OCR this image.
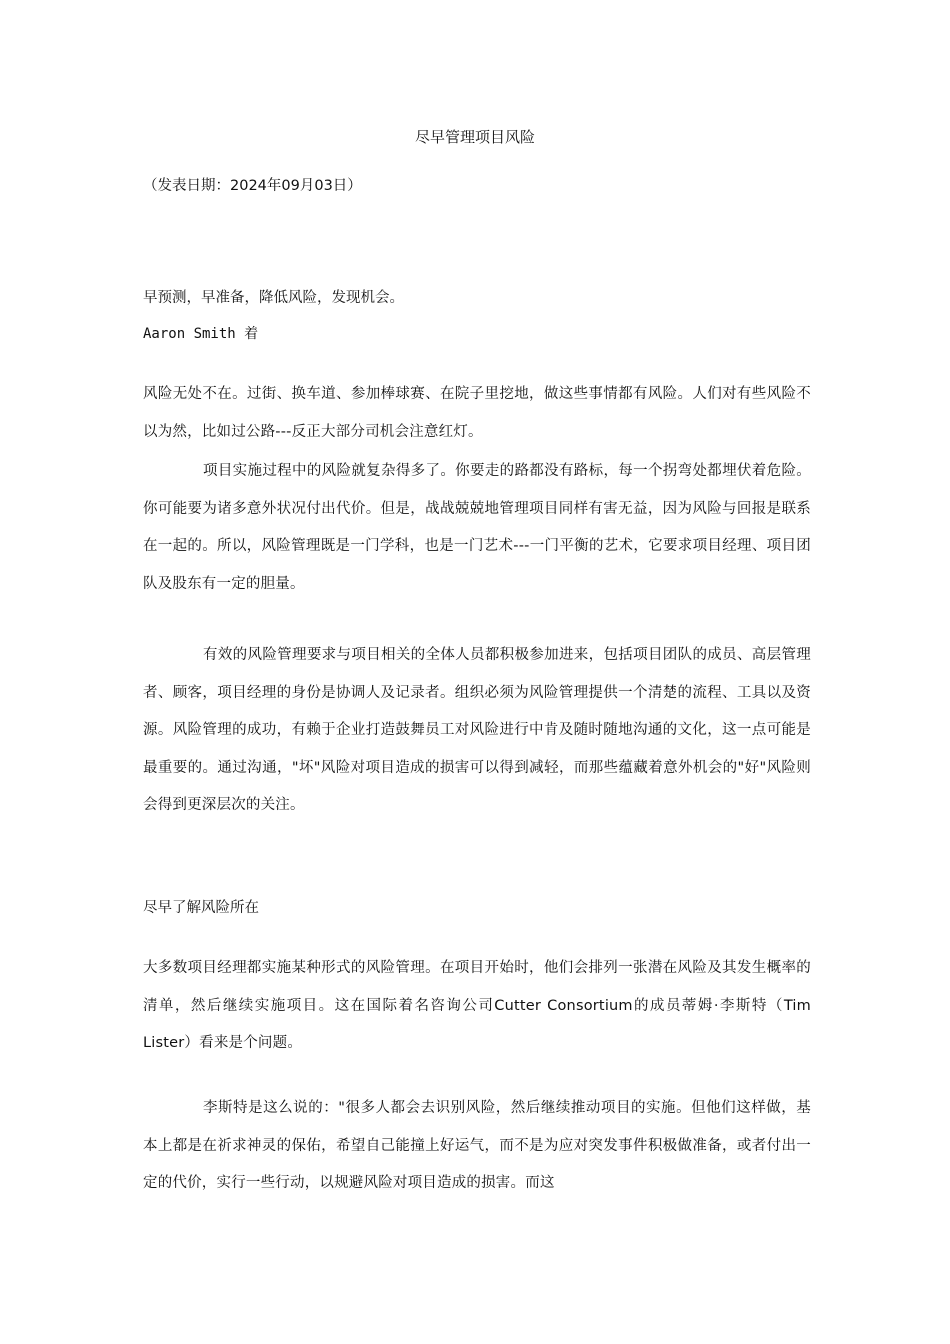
尽早管理项目风险

（发表日期：2024年09月03日）

早预测，早准备，降低风险，发现机会。

Aaron Smith 着

风险无处不在。过街、换车道、参加棒球赛、在院子里挖地，做这些事情都有风险。人们对有些风险不以为然，比如过公路---反正大部分司机会注意红灯。

项目实施过程中的风险就复杂得多了。你要走的路都没有路标，每一个拐弯处都埋伏着危险。你可能要为诸多意外状况付出代价。但是，战战兢兢地管理项目同样有害无益，因为风险与回报是联系在一起的。所以，风险管理既是一门学科，也是一门艺术---一门平衡的艺术，它要求项目经理、项目团队及股东有一定的胆量。

有效的风险管理要求与项目相关的全体人员都积极参加进来，包括项目团队的成员、高层管理者、顾客，项目经理的身份是协调人及记录者。组织必须为风险管理提供一个清楚的流程、工具以及资源。风险管理的成功，有赖于企业打造鼓舞员工对风险进行中肯及随时随地沟通的文化，这一点可能是最重要的。通过沟通，"坏"风险对项目造成的损害可以得到减轻，而那些蕴藏着意外机会的"好"风险则会得到更深层次的关注。

尽早了解风险所在

大多数项目经理都实施某种形式的风险管理。在项目开始时，他们会排列一张潜在风险及其发生概率的清单，然后继续实施项目。这在国际着名咨询公司Cutter Consortium的成员蒂姆·李斯特（Tim Lister）看来是个问题。

李斯特是这么说的："很多人都会去识别风险，然后继续推动项目的实施。但他们这样做，基本上都是在祈求神灵的保佑，希望自己能撞上好运气，而不是为应对突发事件积极做准备，或者付出一定的代价，实行一些行动，以规避风险对项目造成的损害。而这
